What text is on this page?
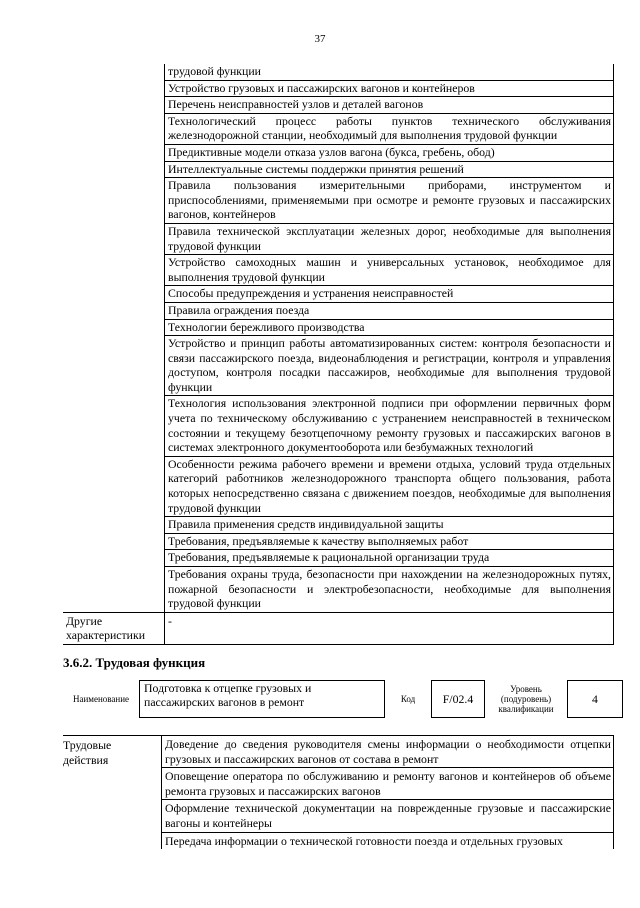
37
	трудовой функции
	Устройство грузовых и пассажирских вагонов и контейнеров
	Перечень неисправностей узлов и деталей вагонов
	Технологический процесс работы пунктов технического обслуживания железнодорожной станции, необходимый для выполнения трудовой функции
	Предиктивные модели отказа узлов вагона (букса, гребень, обод)
	Интеллектуальные системы поддержки принятия решений
	Правила пользования измерительными приборами, инструментом и приспособлениями, применяемыми при осмотре и ремонте грузовых и пассажирских вагонов, контейнеров
	Правила технической эксплуатации железных дорог, необходимые для выполнения трудовой функции
	Устройство самоходных машин и универсальных установок, необходимое для выполнения трудовой функции
	Способы предупреждения и устранения неисправностей
	Правила ограждения поезда
	Технологии бережливого производства
	Устройство и принцип работы автоматизированных систем: контроля безопасности и связи пассажирского поезда, видеонаблюдения и регистрации, контроля и управления доступом, контроля посадки пассажиров, необходимые для выполнения трудовой функции
	Технология использования электронной подписи при оформлении первичных форм учета по техническому обслуживанию с устранением неисправностей в техническом состоянии и текущему безотцепочному ремонту грузовых и пассажирских вагонов в системах электронного документооборота или безбумажных технологий
	Особенности режима рабочего времени и времени отдыха, условий труда отдельных категорий работников железнодорожного транспорта общего пользования, работа которых непосредственно связана с движением поездов, необходимые для выполнения трудовой функции
	Правила применения средств индивидуальной защиты
	Требования, предъявляемые к качеству выполняемых работ
	Требования, предъявляемые к рациональной организации труда
	Требования охраны труда, безопасности при нахождении на железнодорожных путях, пожарной безопасности и электробезопасности, необходимые для выполнения трудовой функции
Другие характеристики	-
3.6.2. Трудовая функция
Наименование	Подготовка к отцепке грузовых и пассажирских вагонов в ремонт	Код	F/02.4	Уровень (подуровень) квалификации	4
Трудовые действия	Доведение до сведения руководителя смены информации о необходимости отцепки грузовых и пассажирских вагонов от состава в ремонт
Оповещение оператора по обслуживанию и ремонту вагонов и контейнеров об объеме ремонта грузовых и пассажирских вагонов
Оформление технической документации на поврежденные грузовые и пассажирские вагоны и контейнеры
Передача информации о технической готовности поезда и отдельных грузовых
